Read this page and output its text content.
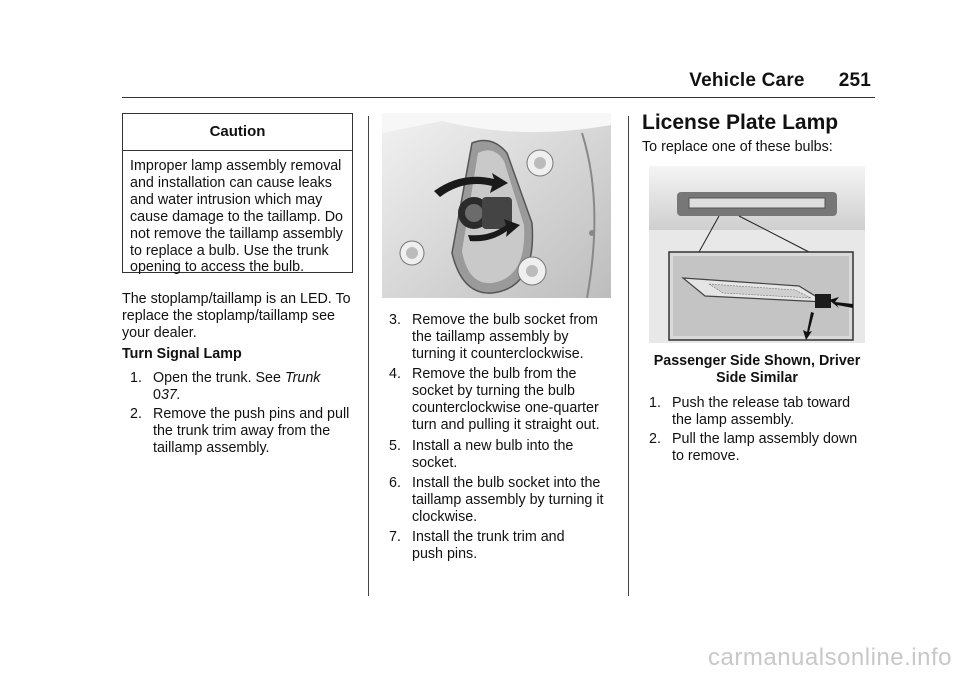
Vehicle Care 251
Caution
Improper lamp assembly removal
and installation can cause leaks
and water intrusion which may
cause damage to the taillamp. Do
not remove the taillamp assembly
to replace a bulb. Use the trunk
opening to access the bulb.
The stoplamp/taillamp is an LED. To
replace the stoplamp/taillamp see
your dealer.
Turn Signal Lamp
1. Open the trunk. See Trunk
037.
2. Remove the push pins and pull
the trunk trim away from the
taillamp assembly.
3. Remove the bulb socket from
the taillamp assembly by
turning it counterclockwise.
4. Remove the bulb from the
socket by turning the bulb
counterclockwise one-quarter
turn and pulling it straight out.
5. Install a new bulb into the
socket.
6. Install the bulb socket into the
taillamp assembly by turning it
clockwise.
7. Install the trunk trim and
push pins.
License Plate Lamp
To replace one of these bulbs:
Passenger Side Shown, Driver
Side Similar
1. Push the release tab toward
the lamp assembly.
2. Pull the lamp assembly down
to remove.
carmanualsonline.info
